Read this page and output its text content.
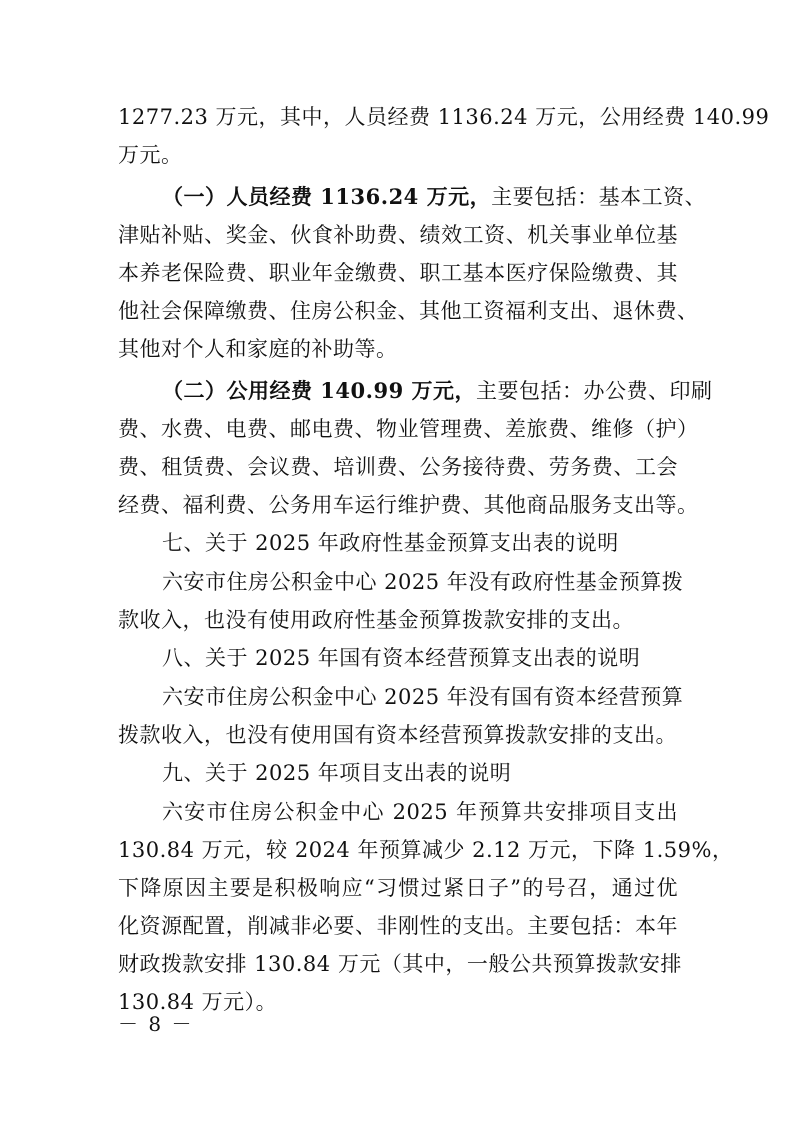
1277.23 万元，其中，人员经费 1136.24 万元，公用经费 140.99
万元。
（一）人员经费 1136.24 万元，主要包括：基本工资、
津贴补贴、奖金、伙食补助费、绩效工资、机关事业单位基
本养老保险费、职业年金缴费、职工基本医疗保险缴费、其
他社会保障缴费、住房公积金、其他工资福利支出、退休费、
其他对个人和家庭的补助等。
（二）公用经费 140.99 万元，主要包括：办公费、印刷
费、水费、电费、邮电费、物业管理费、差旅费、维修（护）
费、租赁费、会议费、培训费、公务接待费、劳务费、工会
经费、福利费、公务用车运行维护费、其他商品服务支出等。
七、关于 2025 年政府性基金预算支出表的说明
六安市住房公积金中心 2025 年没有政府性基金预算拨
款收入，也没有使用政府性基金预算拨款安排的支出。
八、关于 2025 年国有资本经营预算支出表的说明
六安市住房公积金中心 2025 年没有国有资本经营预算
拨款收入，也没有使用国有资本经营预算拨款安排的支出。
九、关于 2025 年项目支出表的说明
六安市住房公积金中心 2025 年预算共安排项目支出
130.84 万元，较 2024 年预算减少 2.12 万元，下降 1.59%，
下降原因主要是积极响应“习惯过紧日子”的号召，通过优
化资源配置，削减非必要、非刚性的支出。主要包括：本年
财政拨款安排 130.84 万元（其中，一般公共预算拨款安排
130.84 万元）。
－ 8 －
